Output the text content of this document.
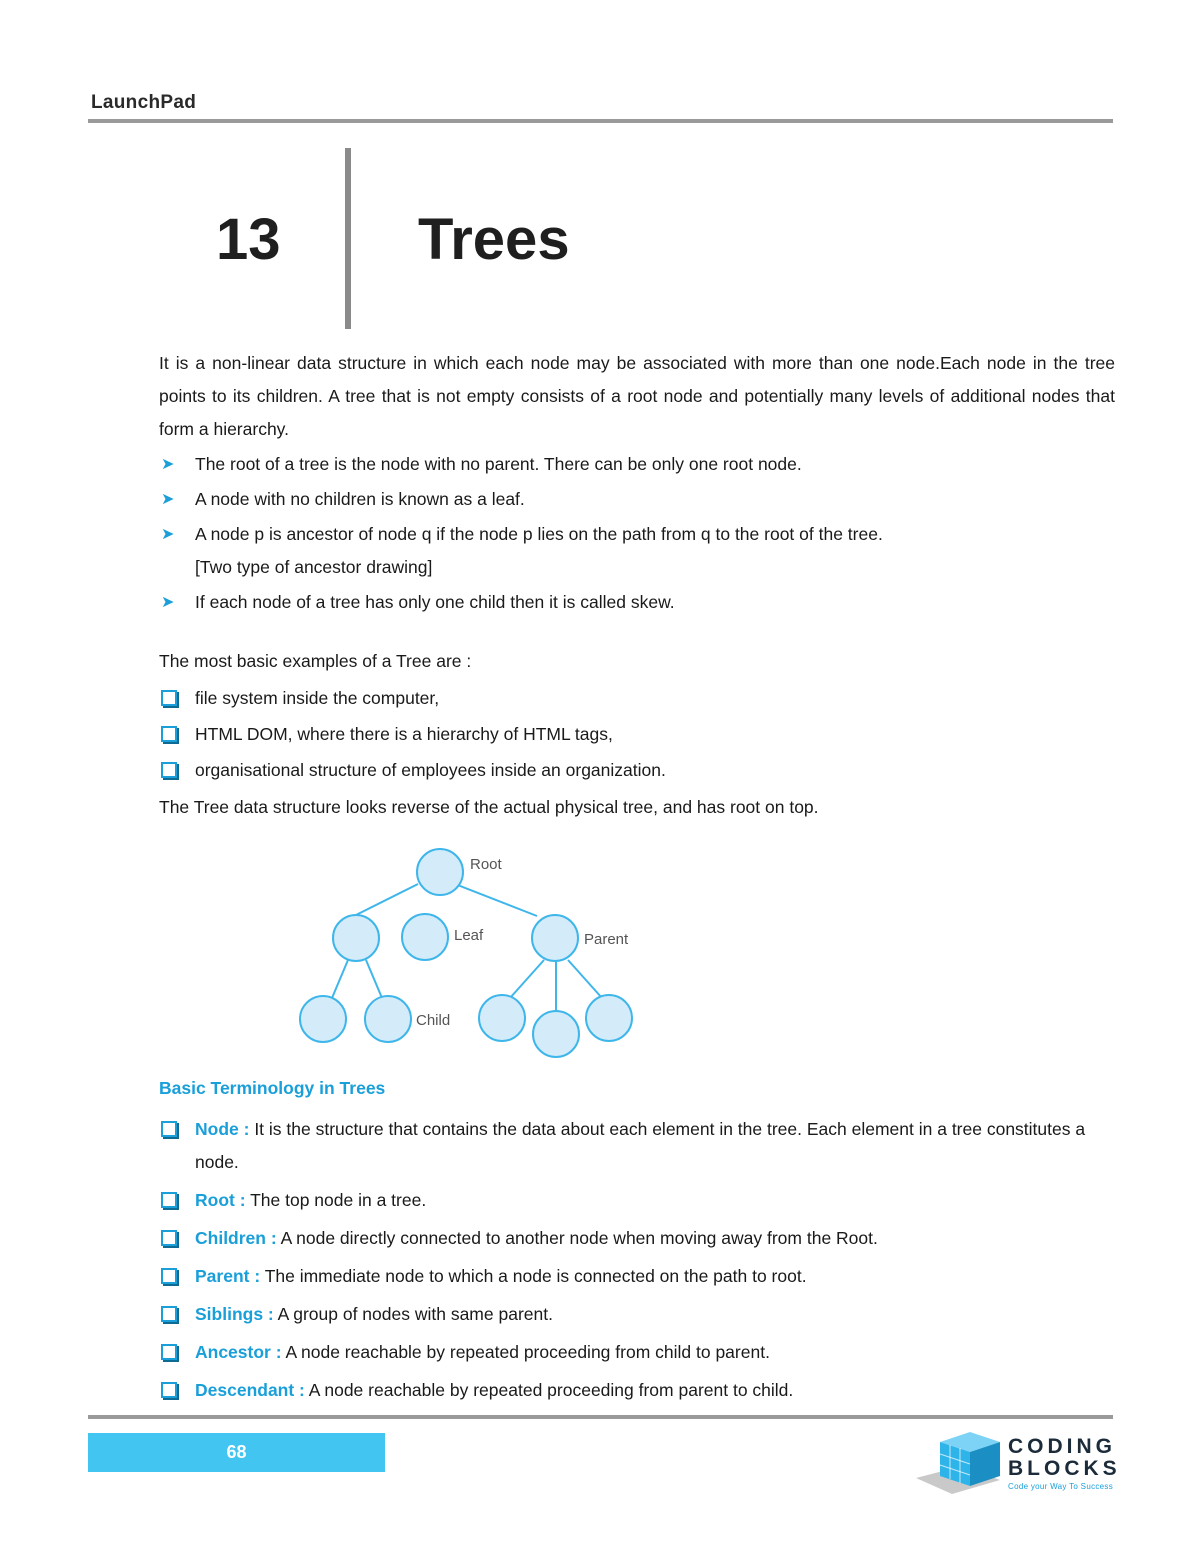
LaunchPad
13 Trees

It is a non-linear data structure in which each node may be associated with more than one node.Each node in the tree points to its children. A tree that is not empty consists of a root node and potentially many levels of additional nodes that form a hierarchy.

➤ The root of a tree is the node with no parent. There can be only one root node.
➤ A node with no children is known as a leaf.
➤ A node p is ancestor of node q if the node p lies on the path from q to the root of the tree.
[Two type of ancestor drawing]
➤ If each node of a tree has only one child then it is called skew.

The most basic examples of a Tree are :

file system inside the computer,
HTML DOM, where there is a hierarchy of HTML tags,
organisational structure of employees inside an organization.

The Tree data structure looks reverse of the actual physical tree, and has root on top.

Root
Leaf	Parent
Child
Basic Terminology in Trees
Node : It is the structure that contains the data about each element in the tree. Each element in a tree constitutes a node.
Root : The top node in a tree.
Children : A node directly connected to another node when moving away from the Root.
Parent : The immediate node to which a node is connected on the path to root.
Siblings : A group of nodes with same parent.
Ancestor : A node reachable by repeated proceeding from child to parent.
Descendant : A node reachable by repeated proceeding from parent to child.
68	CODING
BLOCKS
Code your Way To Success
